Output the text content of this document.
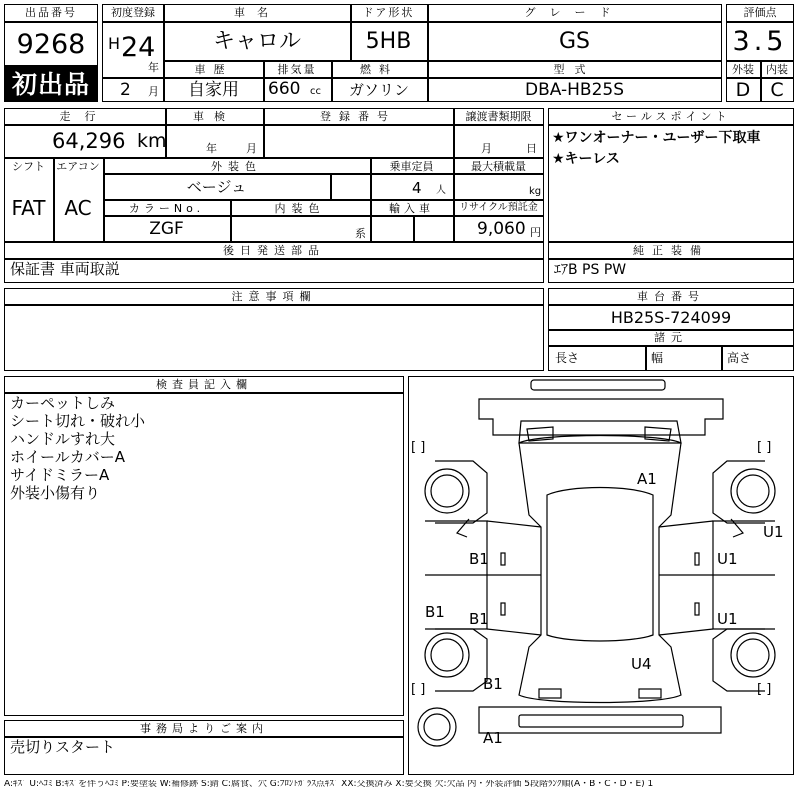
出品番号
9268
初出品
初度登録
H 24
年
2 月
車名
キャロル
ドア形状
5HB
グレード
GS
車歴
自家用
排気量
660 cc
燃料
ガソリン
型式
DBA-HB25S
評価点
3.5
外装	内装
D	C
走行
64,296 km
車検
年	月
登録番号	譲渡書類期限
月	日
シフト
FAT
エアコン
AC
外装色
ベージュ
乗車定員
4 人
最大積載量
kg
カラーNo.
ZGF
内装色
系
輸入車	リサイクル預託金
9,060 円
後日発送部品
保証書 車両取説
セールスポイント
★ワンオーナー・ユーザー下取車
★キーレス
純正装備
ｴｱB PS PW
注意事項欄	車台番号
HB25S-724099
諸元
長さ	幅	高さ
検査員記入欄
カーペットしみ
シート切れ・破れ小
ハンドルすれ大
ホイールカバーA
サイドミラーA
外装小傷有り
事務局よりご案内
売切りスタート
[ ]	[ ]
[ ]	[ ]
A1
B1
B1
B1
B1
U1
U1
U1
U4
A1
A:ｷｽﾞ U:ﾍｺﾐ B:ｷｽﾞを伴うﾍｺﾐ P:要塗装 W:補修跡 S:錆 C:腐食、穴 G:ﾌﾛﾝﾄｶﾞﾗｽ点ｷｽﾞ XX:交換済み X:要交換 欠:欠品 内・外装評価 5段階ﾗﾝｸ順(A・B・C・D・E) 1
